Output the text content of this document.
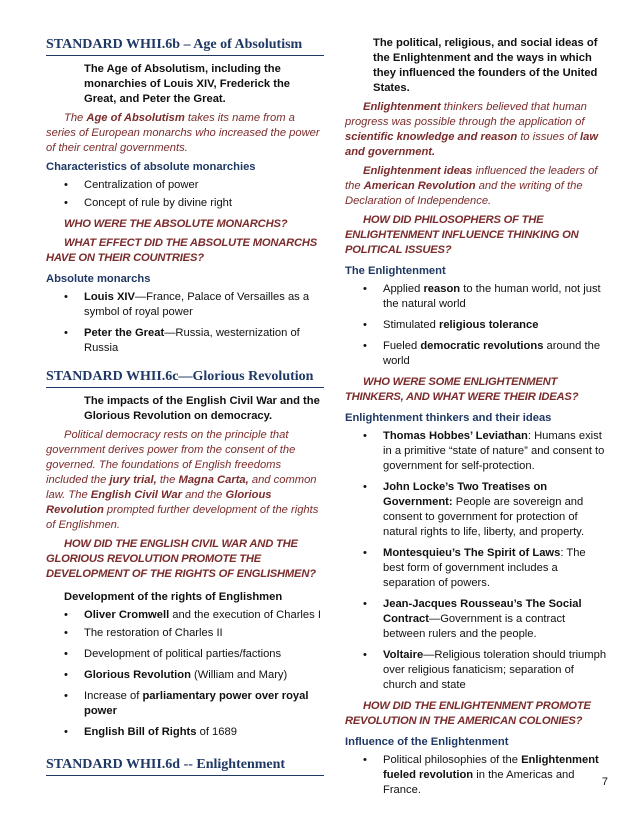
STANDARD WHII.6b – Age of Absolutism
The Age of Absolutism, including the monarchies of Louis XIV, Frederick the Great, and Peter the Great.
The Age of Absolutism takes its name from a series of European monarchs who increased the power of their central governments.
Characteristics of absolute monarchies
• Centralization of power
• Concept of rule by divine right
WHO WERE THE ABSOLUTE MONARCHS?
WHAT EFFECT DID THE ABSOLUTE MONARCHS HAVE ON THEIR COUNTRIES?
Absolute monarchs
• Louis XIV—France, Palace of Versailles as a symbol of royal power
• Peter the Great—Russia, westernization of Russia
STANDARD WHII.6c—Glorious Revolution
The impacts of the English Civil War and the Glorious Revolution on democracy.
Political democracy rests on the principle that government derives power from the consent of the governed. The foundations of English freedoms included the jury trial, the Magna Carta, and common law. The English Civil War and the Glorious Revolution prompted further development of the rights of Englishmen.
HOW DID THE ENGLISH CIVIL WAR AND THE GLORIOUS REVOLUTION PROMOTE THE DEVELOPMENT OF THE RIGHTS OF ENGLISHMEN?
Development of the rights of Englishmen
• Oliver Cromwell and the execution of Charles I
• The restoration of Charles II
• Development of political parties/factions
• Glorious Revolution (William and Mary)
• Increase of parliamentary power over royal power
• English Bill of Rights of 1689
STANDARD WHII.6d -- Enlightenment
The political, religious, and social ideas of the Enlightenment and the ways in which they influenced the founders of the United States.
Enlightenment thinkers believed that human progress was possible through the application of scientific knowledge and reason to issues of law and government.
Enlightenment ideas influenced the leaders of the American Revolution and the writing of the Declaration of Independence.
HOW DID PHILOSOPHERS OF THE ENLIGHTENMENT INFLUENCE THINKING ON POLITICAL ISSUES?
The Enlightenment
• Applied reason to the human world, not just the natural world
• Stimulated religious tolerance
• Fueled democratic revolutions around the world
WHO WERE SOME ENLIGHTENMENT THINKERS, AND WHAT WERE THEIR IDEAS?
Enlightenment thinkers and their ideas
• Thomas Hobbes’ Leviathan: Humans exist in a primitive “state of nature” and consent to government for self-protection.
• John Locke’s Two Treatises on Government: People are sovereign and consent to government for protection of natural rights to life, liberty, and property.
• Montesquieu’s The Spirit of Laws: The best form of government includes a separation of powers.
• Jean-Jacques Rousseau’s The Social Contract—Government is a contract between rulers and the people.
• Voltaire—Religious toleration should triumph over religious fanaticism; separation of church and state
HOW DID THE ENLIGHTENMENT PROMOTE REVOLUTION IN THE AMERICAN COLONIES?
Influence of the Enlightenment
• Political philosophies of the Enlightenment fueled revolution in the Americas and France.
7
